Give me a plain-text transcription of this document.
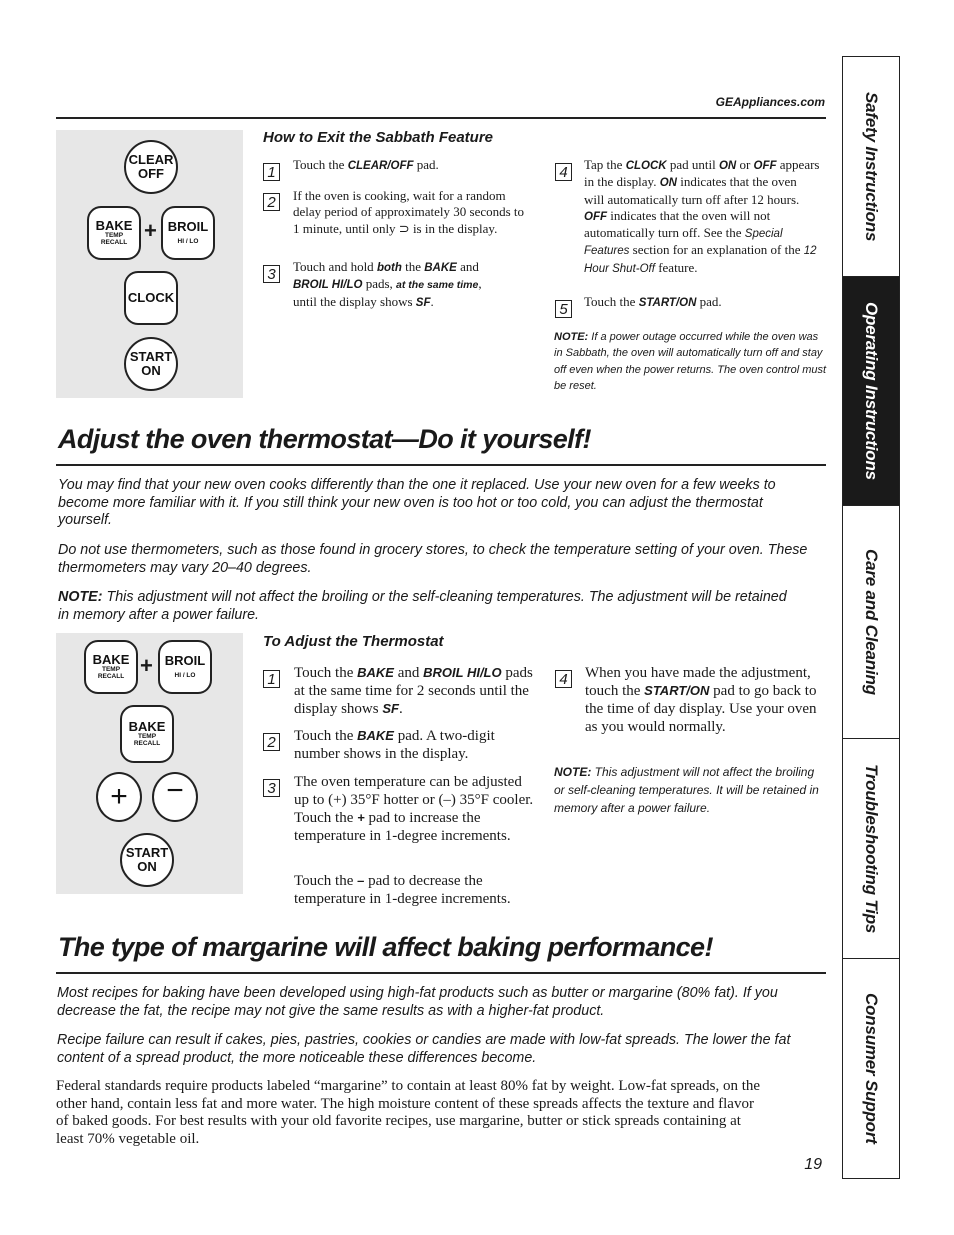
GEAppliances.com Safety Instructions
Operating Instructions
Care and Cleaning
Troubleshooting Tips
Consumer Support
CLEAR
OFF
BAKE
TEMP
RECALL + BROIL
HI / LO
CLOCK
START
ON
How to Exit the Sabbath Feature
1	Touch the CLEAR/OFF pad.
2	If the oven is cooking, wait for a random delay period of approximately 30 seconds to 1 minute, until only ⊃ is in the display.
3	Touch and hold both the BAKE and
BROIL HI/LO pads, at the same time,
until the display shows SF.
4	Tap the CLOCK pad until ON or OFF appears in the display. ON indicates that the oven will automatically turn off after 12 hours. OFF indicates that the oven will not automatically turn off. See the Special Features section for an explanation of the 12 Hour Shut-Off feature.
5	Touch the START/ON pad.
NOTE: If a power outage occurred while the oven was in Sabbath, the oven will automatically turn off and stay off even when the power returns. The oven control must be reset.
Adjust the oven thermostat—Do it yourself!
You may find that your new oven cooks differently than the one it replaced. Use your new oven for a few weeks to become more familiar with it. If you still think your new oven is too hot or too cold, you can adjust the thermostat yourself.
Do not use thermometers, such as those found in grocery stores, to check the temperature setting of your oven. These thermometers may vary 20–40 degrees.
NOTE: This adjustment will not affect the broiling or the self-cleaning temperatures. The adjustment will be retained in memory after a power failure.
BAKE
TEMP
RECALL + BROIL
HI / LO
BAKE
TEMP
RECALL
+ −
START
ON
To Adjust the Thermostat
1 Touch the BAKE and BROIL HI/LO pads at the same time for 2 seconds until the display shows SF.
2 Touch the BAKE pad. A two-digit number shows in the display.
3 The oven temperature can be adjusted up to (+) 35°F hotter or (–) 35°F cooler. Touch the + pad to increase the temperature in 1-degree increments.
Touch the – pad to decrease the temperature in 1-degree increments.
4 When you have made the adjustment, touch the START/ON pad to go back to the time of day display. Use your oven as you would normally.
NOTE: This adjustment will not affect the broiling or self-cleaning temperatures. It will be retained in memory after a power failure.
The type of margarine will affect baking performance!
Most recipes for baking have been developed using high-fat products such as butter or margarine (80% fat). If you decrease the fat, the recipe may not give the same results as with a higher-fat product.
Recipe failure can result if cakes, pies, pastries, cookies or candies are made with low-fat spreads. The lower the fat content of a spread product, the more noticeable these differences become.
Federal standards require products labeled “margarine” to contain at least 80% fat by weight. Low-fat spreads, on the other hand, contain less fat and more water. The high moisture content of these spreads affects the texture and flavor of baked goods. For best results with your old favorite recipes, use margarine, butter or stick spreads containing at least 70% vegetable oil.
19
